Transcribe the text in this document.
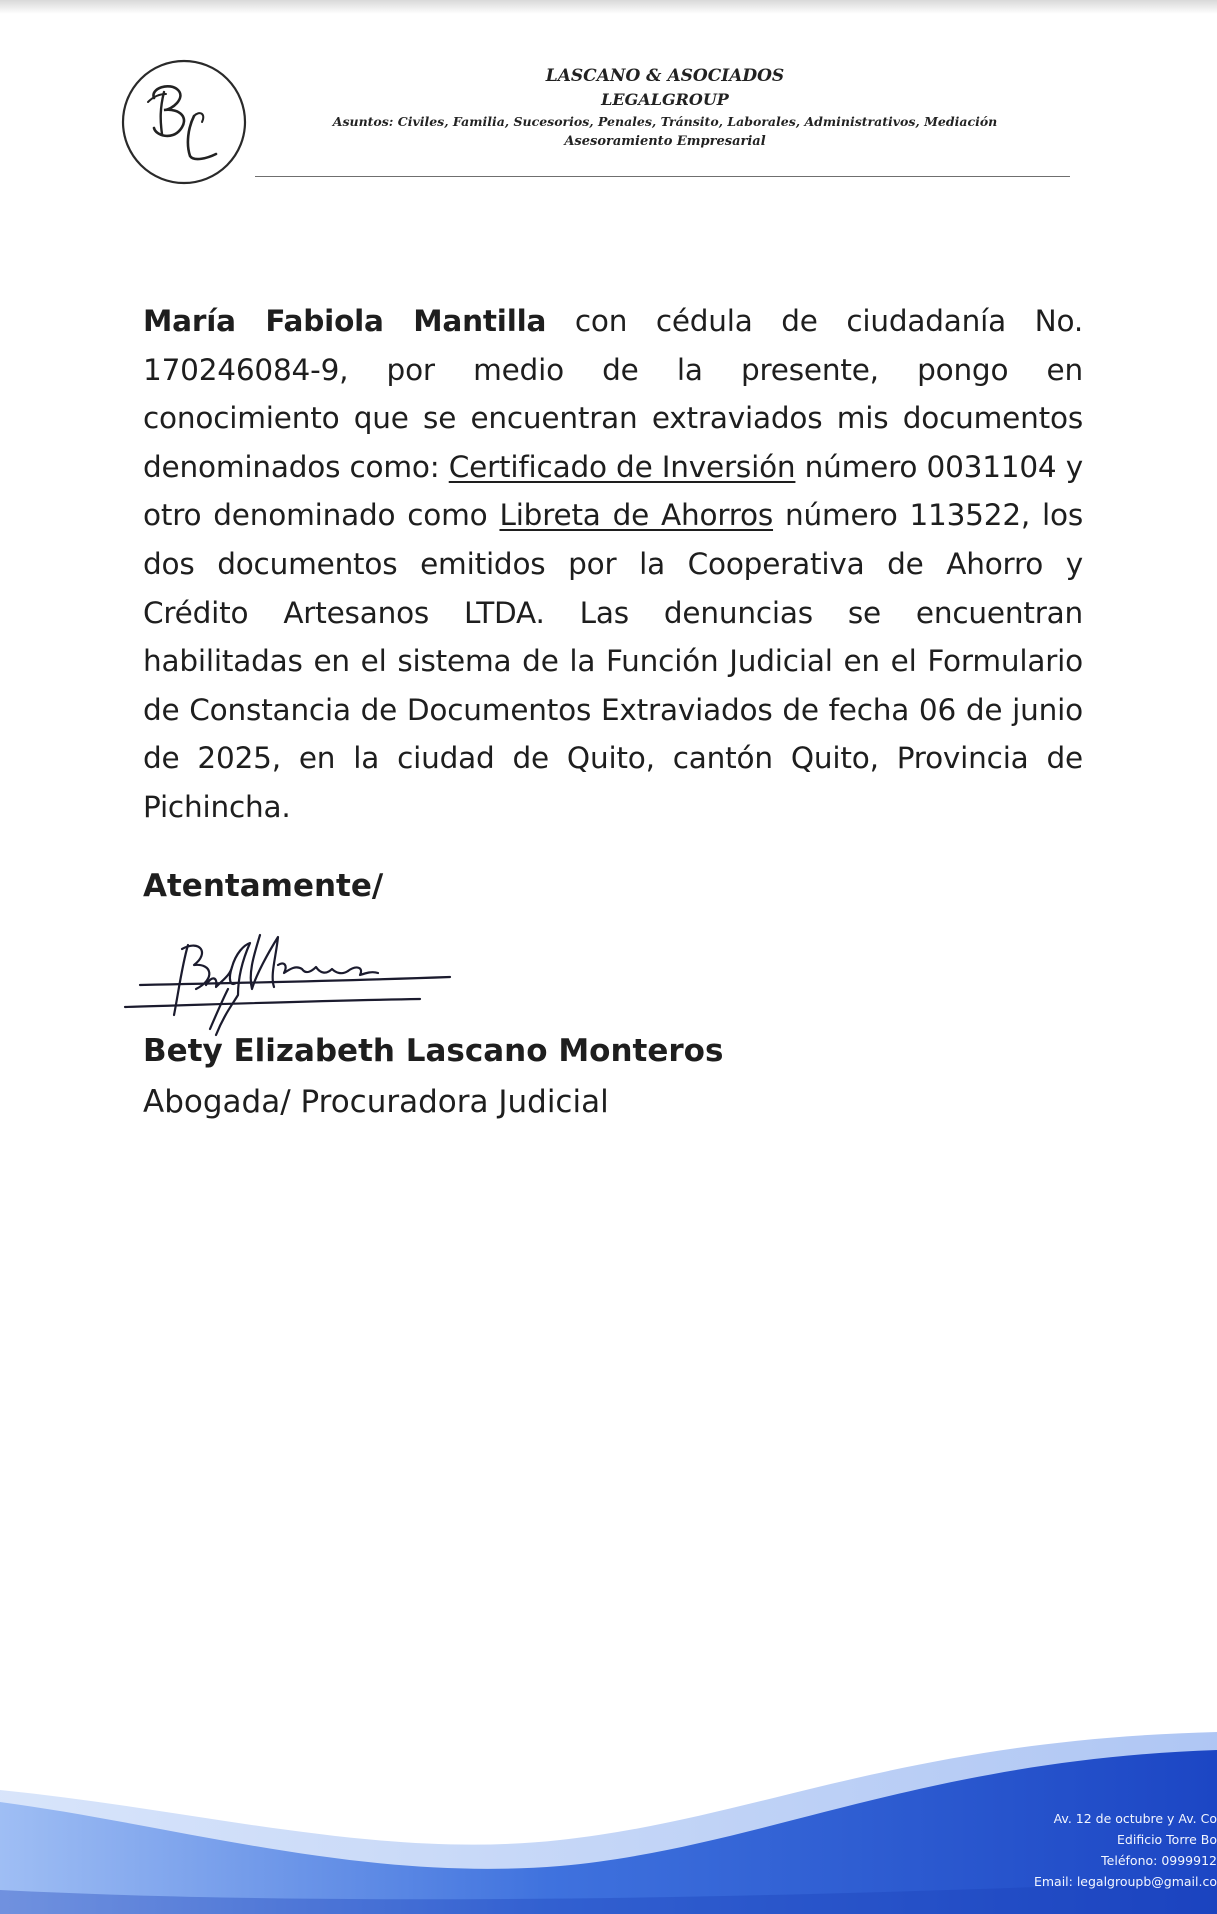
LASCANO & ASOCIADOS
LEGALGROUP
Asuntos: Civiles, Familia, Sucesorios, Penales, Tránsito, Laborales, Administrativos, Mediación
Asesoramiento Empresarial
María Fabiola Mantilla con cédula de ciudadanía No. 170246084-9, por medio de la presente, pongo en conocimiento que se encuentran extraviados mis documentos denominados como: Certificado de Inversión número 0031104 y otro denominado como Libreta de Ahorros número 113522, los dos documentos emitidos por la Cooperativa de Ahorro y Crédito Artesanos LTDA. Las denuncias se encuentran habilitadas en el sistema de la Función Judicial en el Formulario de Constancia de Documentos Extraviados de fecha 06 de junio de 2025, en la ciudad de Quito, cantón Quito, Provincia de Pichincha.
Atentamente/
Bety Elizabeth Lascano Monteros
Abogada/ Procuradora Judicial
Av. 12 de octubre y Av. Co
Edificio Torre Bo
Teléfono: 0999912
Email: legalgroupb@gmail.co
